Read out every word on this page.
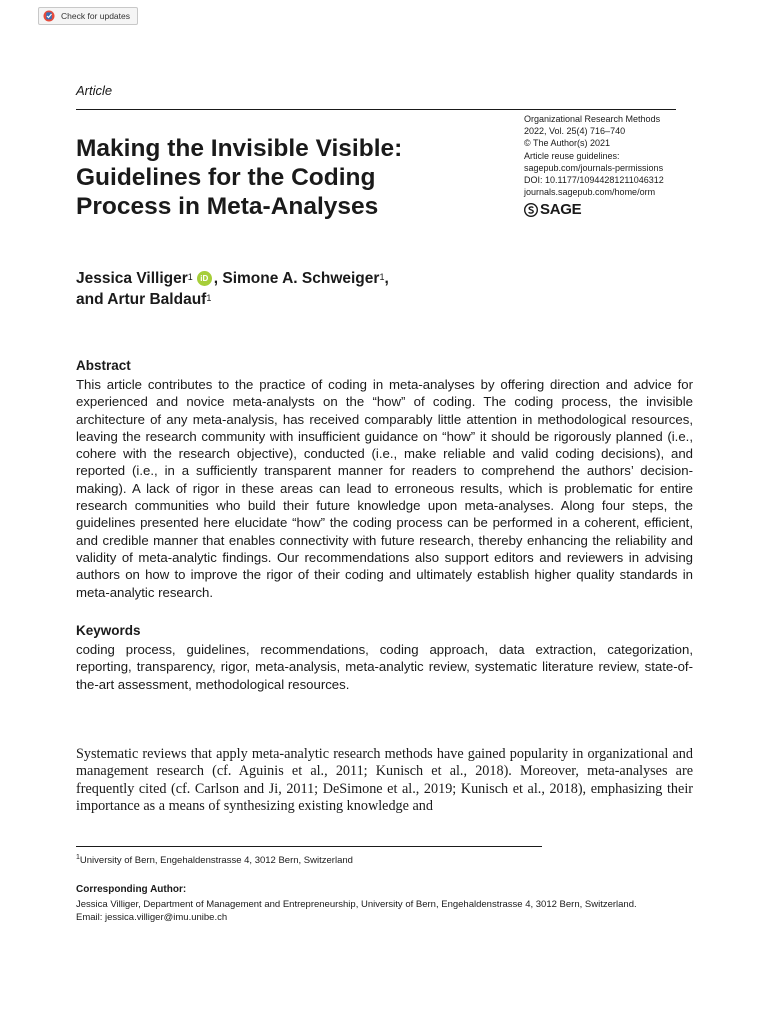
Check for updates
Article
Organizational Research Methods
2022, Vol. 25(4) 716–740
© The Author(s) 2021
Article reuse guidelines:
sagepub.com/journals-permissions
DOI: 10.1177/10944281211046312
journals.sagepub.com/home/orm
SAGE
Making the Invisible Visible:
Guidelines for the Coding
Process in Meta-Analyses
Jessica Villiger$^1$ iD , Simone A. Schweiger$^1$,
and Artur Baldauf$^1$
Abstract
This article contributes to the practice of coding in meta-analyses by offering direction and advice for experienced and novice meta-analysts on the “how” of coding. The coding process, the invisible architecture of any meta-analysis, has received comparably little attention in methodological resources, leaving the research community with insufficient guidance on “how” it should be rigorously planned (i.e., cohere with the research objective), conducted (i.e., make reliable and valid coding decisions), and reported (i.e., in a sufficiently transparent manner for readers to comprehend the authors’ decision-making). A lack of rigor in these areas can lead to erroneous results, which is problematic for entire research communities who build their future knowledge upon meta-analyses. Along four steps, the guidelines presented here elucidate “how” the coding process can be performed in a coherent, efficient, and credible manner that enables connectivity with future research, thereby enhancing the reliability and validity of meta-analytic findings. Our recommendations also support editors and reviewers in advising authors on how to improve the rigor of their coding and ultimately establish higher quality standards in meta-analytic research.
Keywords
coding process, guidelines, recommendations, coding approach, data extraction, categorization, reporting, transparency, rigor, meta-analysis, meta-analytic review, systematic literature review, state-of-the-art assessment, methodological resources.
Systematic reviews that apply meta-analytic research methods have gained popularity in organizational and management research (cf. Aguinis et al., 2011; Kunisch et al., 2018). Moreover, meta-analyses are frequently cited (cf. Carlson and Ji, 2011; DeSimone et al., 2019; Kunisch et al., 2018), emphasizing their importance as a means of synthesizing existing knowledge and
$^1$University of Bern, Engehaldenstrasse 4, 3012 Bern, Switzerland
Corresponding Author:
Jessica Villiger, Department of Management and Entrepreneurship, University of Bern, Engehaldenstrasse 4, 3012 Bern, Switzerland.
Email: jessica.villiger@imu.unibe.ch
